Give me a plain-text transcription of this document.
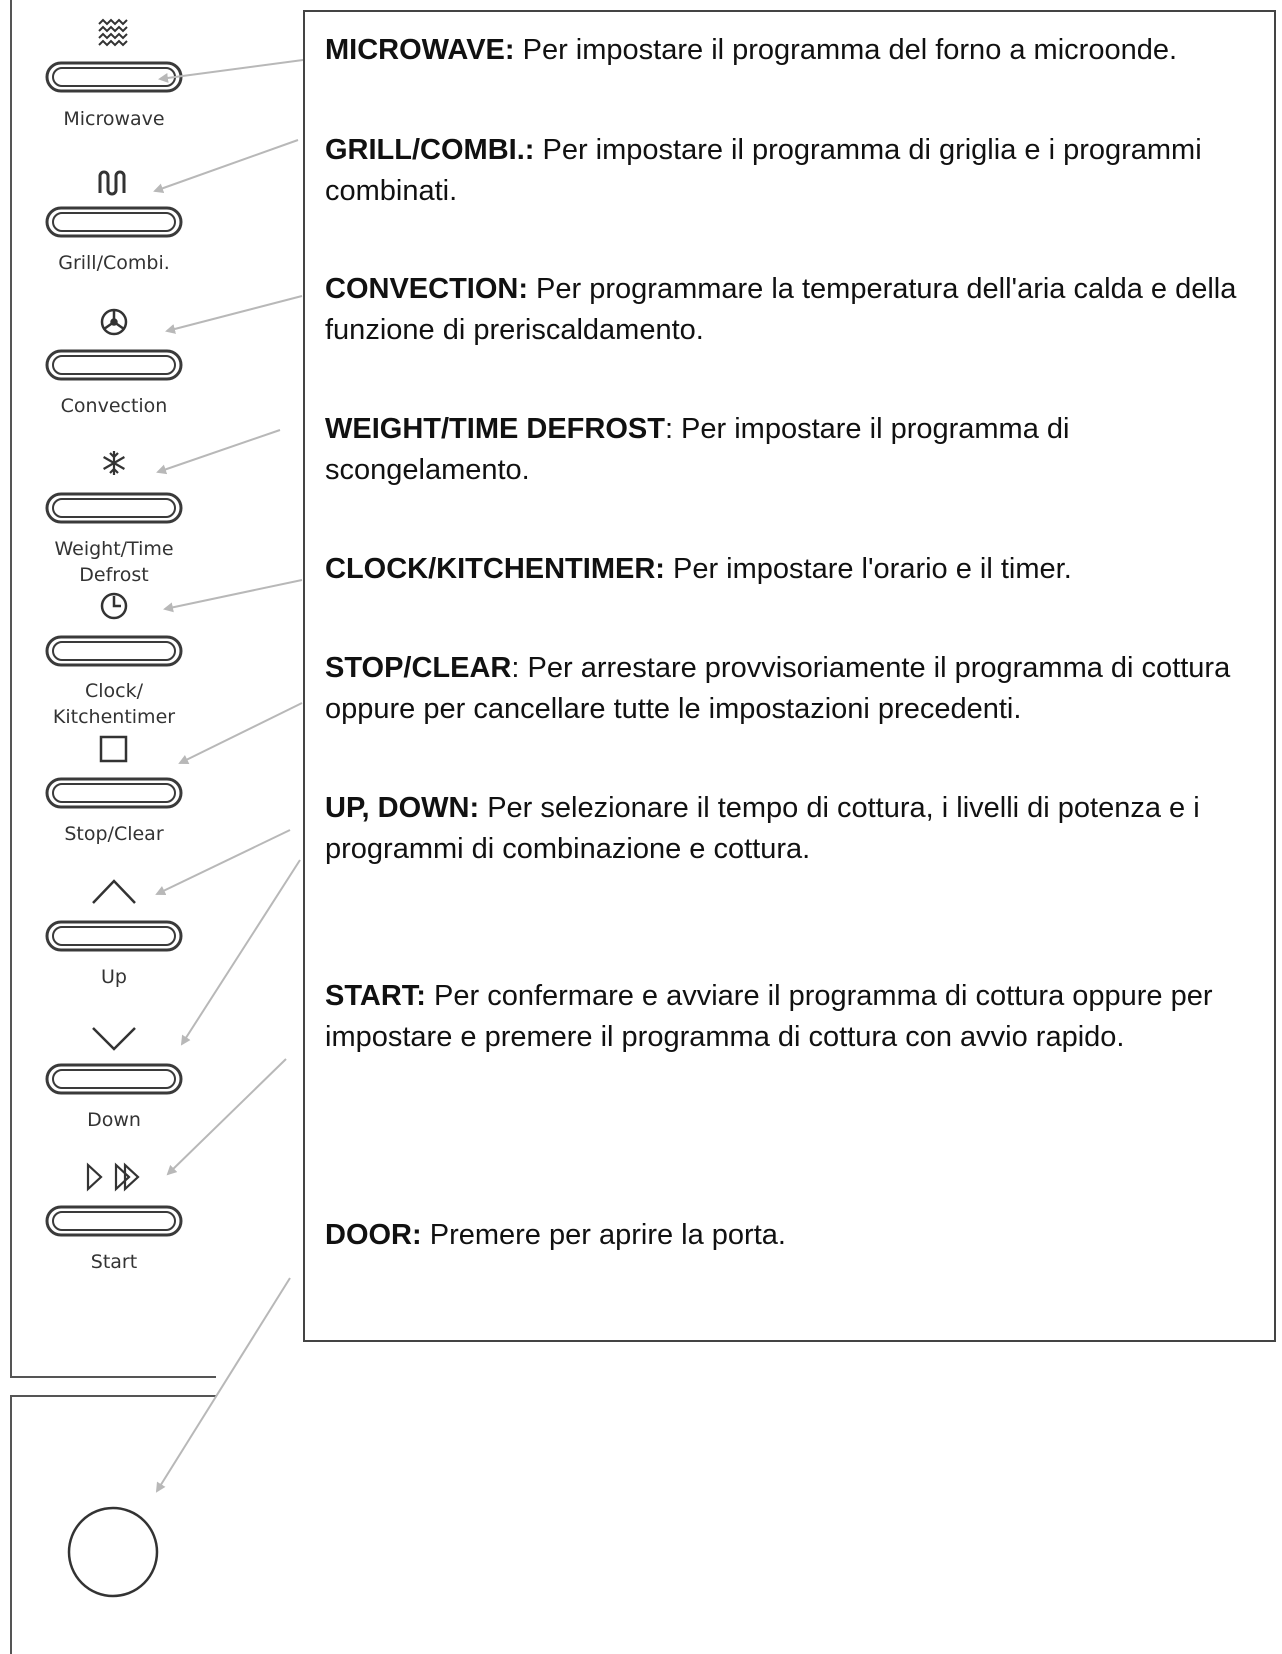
Microwave
Grill/Combi.
Convection
Weight/Time
Defrost
Clock/
Kitchentimer
Stop/Clear
Up
Down
Start
MICROWAVE: Per impostare il programma del forno a microonde.
GRILL/COMBI.: Per impostare il programma di griglia e i programmi combinati.
CONVECTION: Per programmare la temperatura dell'aria calda e della funzione di preriscaldamento.
WEIGHT/TIME DEFROST: Per impostare il programma di scongelamento.
CLOCK/KITCHENTIMER: Per impostare l'orario e il timer.
STOP/CLEAR: Per arrestare provvisoriamente il programma di cottura oppure per cancellare tutte le impostazioni precedenti.
UP, DOWN: Per selezionare il tempo di cottura, i livelli di potenza e i programmi di combinazione e cottura.
START: Per confermare e avviare il programma di cottura oppure per impostare e premere il programma di cottura con avvio rapido.
DOOR: Premere per aprire la porta.
